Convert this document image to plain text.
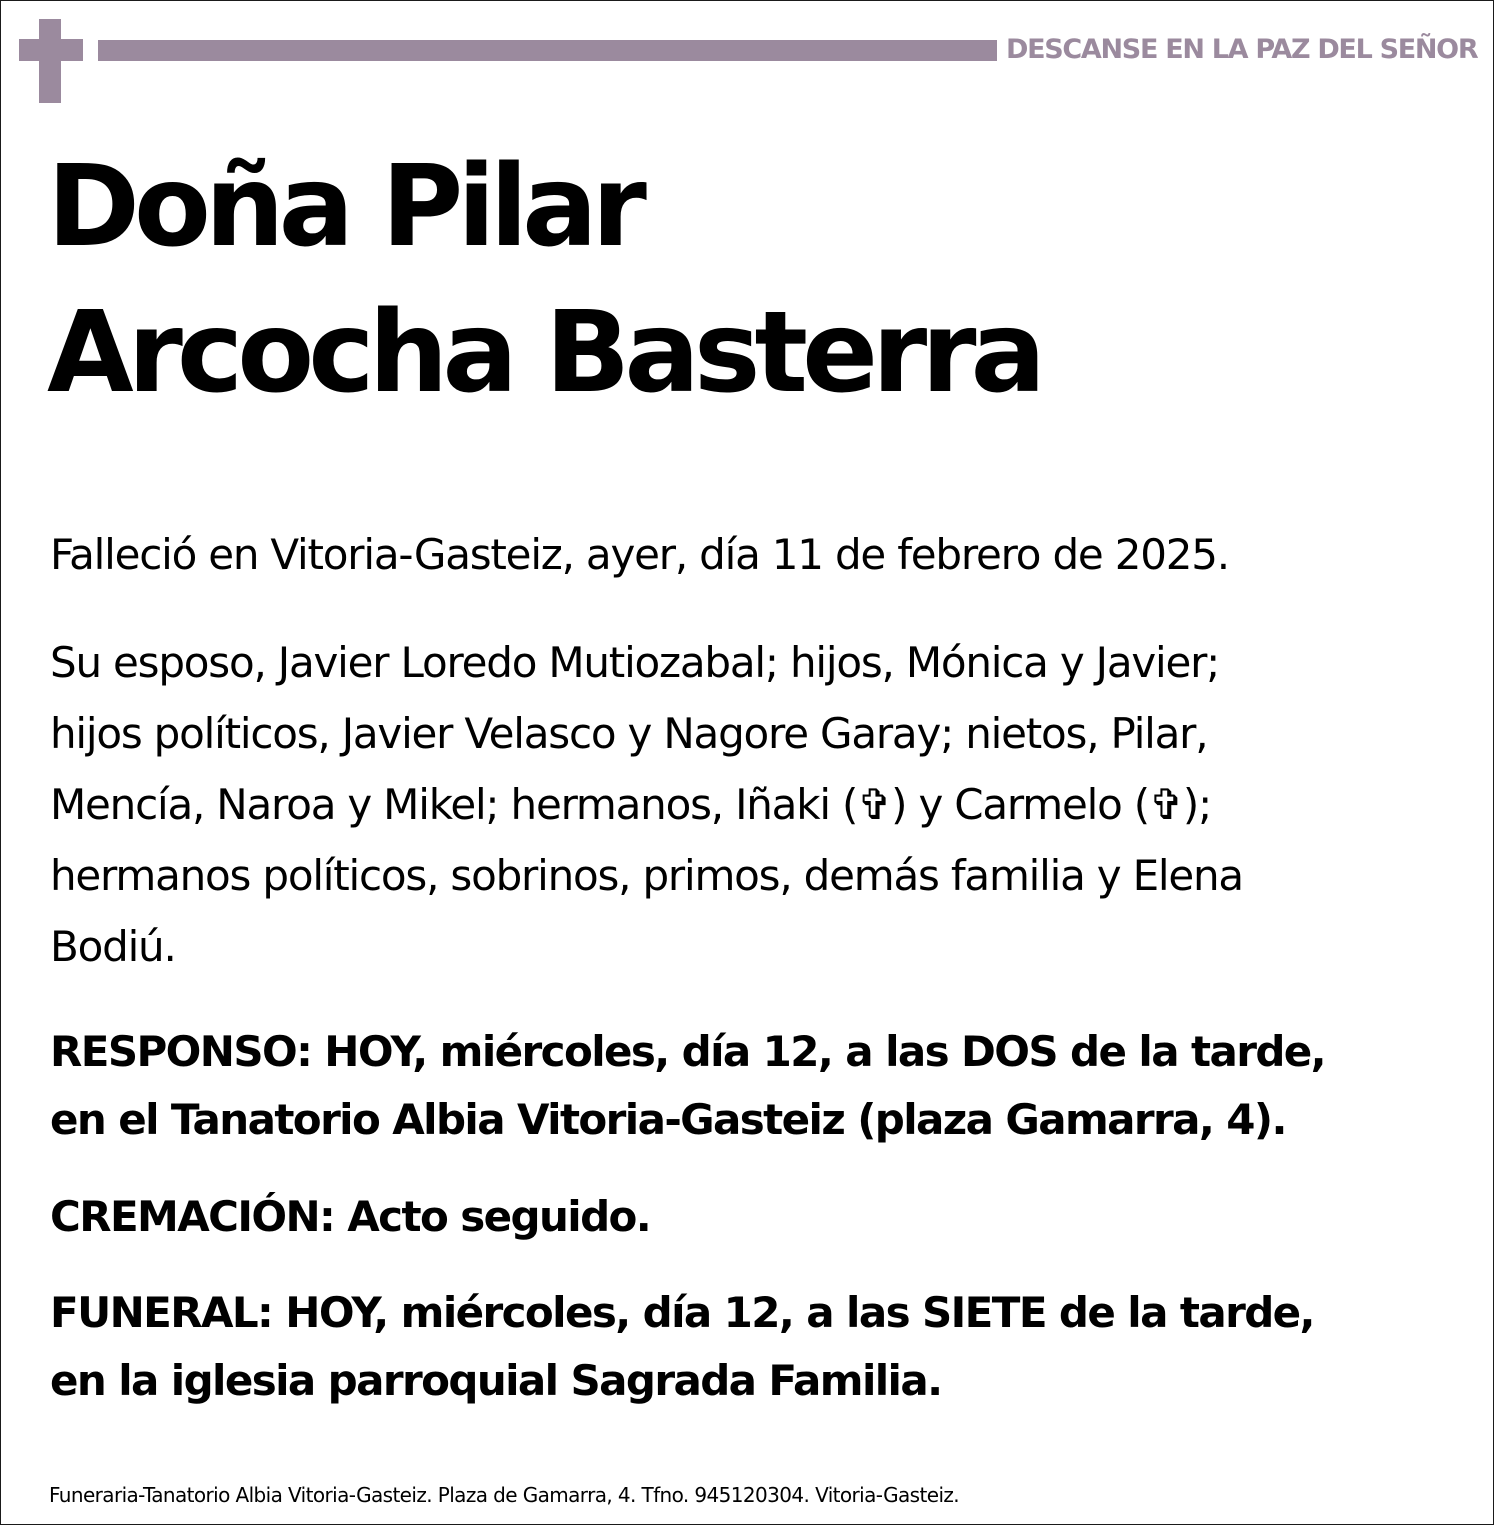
DESCANSE EN LA PAZ DEL SEÑOR
Doña Pilar
Arcocha Basterra

Falleció en Vitoria-Gasteiz, ayer, día 11 de febrero de 2025.

Su esposo, Javier Loredo Mutiozabal; hijos, Mónica y Javier;
hijos políticos, Javier Velasco y Nagore Garay; nietos, Pilar,
Mencía, Naroa y Mikel; hermanos, Iñaki (✞) y Carmelo (✞);
hermanos políticos, sobrinos, primos, demás familia y Elena
Bodiú.

RESPONSO: HOY, miércoles, día 12, a las DOS de la tarde,
en el Tanatorio Albia Vitoria-Gasteiz (plaza Gamarra, 4).

CREMACIÓN: Acto seguido.

FUNERAL: HOY, miércoles, día 12, a las SIETE de la tarde,
en la iglesia parroquial Sagrada Familia.

Funeraria-Tanatorio Albia Vitoria-Gasteiz. Plaza de Gamarra, 4. Tfno. 945120304. Vitoria-Gasteiz.
